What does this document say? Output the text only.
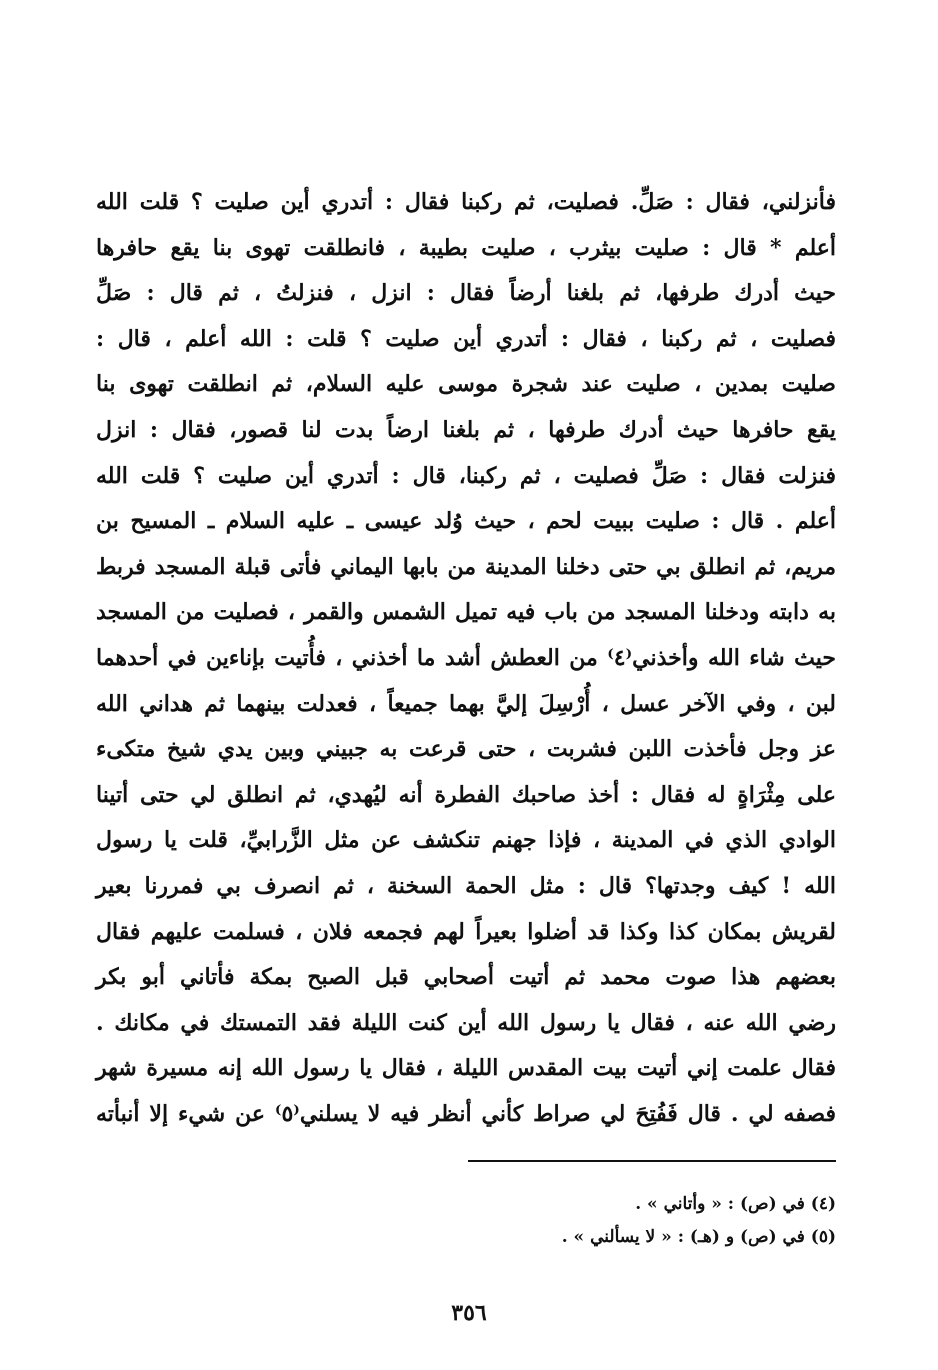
فأنزلني، فقال : صَلِّ. فصليت، ثم ركبنا فقال : أتدري أين صليت ؟ قلت الله
أعلم * قال : صليت بيثرب ، صليت بطيبة ، فانطلقت تهوى بنا يقع حافرها
حيث أدرك طرفها، ثم بلغنا أرضاً فقال : انزل ، فنزلتُ ، ثم قال : صَلِّ
فصليت ، ثم ركبنا ، فقال : أتدري أين صليت ؟ قلت : الله أعلم ، قال :
صليت بمدين ، صليت عند شجرة موسى عليه السلام، ثم انطلقت تهوى بنا
يقع حافرها حيث أدرك طرفها ، ثم بلغنا ارضاً بدت لنا قصور، فقال : انزل
فنزلت فقال : صَلِّ فصليت ، ثم ركبنا، قال : أتدري أين صليت ؟ قلت الله
أعلم . قال : صليت ببيت لحم ، حيث وُلد عيسى ـ عليه السلام ـ المسيح بن
مريم، ثم انطلق بي حتى دخلنا المدينة من بابها اليماني فأتى قبلة المسجد فربط
به دابته ودخلنا المسجد من باب فيه تميل الشمس والقمر ، فصليت من المسجد
حيث شاء الله وأخذني⁽٤⁾ من العطش أشد ما أخذني ، فأُتيت بإناءين في أحدهما
لبن ، وفي الآخر عسل ، أُرْسِلَ إليَّ بهما جميعاً ، فعدلت بينهما ثم هداني الله
عز وجل فأخذت اللبن فشربت ، حتى قرعت به جبيني وبين يدي شيخ متكىء
على مِثْرَاةٍ له فقال : أخذ صاحبك الفطرة أنه ليُهدي، ثم انطلق لي حتى أتينا
الوادي الذي في المدينة ، فإذا جهنم تنكشف عن مثل الزَّرابيِّ، قلت يا رسول
الله ! كيف وجدتها؟ قال : مثل الحمة السخنة ، ثم انصرف بي فمررنا بعير
لقريش بمكان كذا وكذا قد أضلوا بعيراً لهم فجمعه فلان ، فسلمت عليهم فقال
بعضهم هذا صوت محمد ثم أتيت أصحابي قبل الصبح بمكة فأتاني أبو بكر
رضي الله عنه ، فقال يا رسول الله أين كنت الليلة فقد التمستك في مكانك .
فقال علمت إني أتيت بيت المقدس الليلة ، فقال يا رسول الله إنه مسيرة شهر
فصفه لي . قال فَفُتِحَ لي صراط كأني أنظر فيه لا يسلني⁽٥⁾ عن شيء إلا أنبأته
(٤) في (ص) : « وأتاني » .
(٥) في (ص) و (هـ) : « لا يسألني » .
٣٥٦
